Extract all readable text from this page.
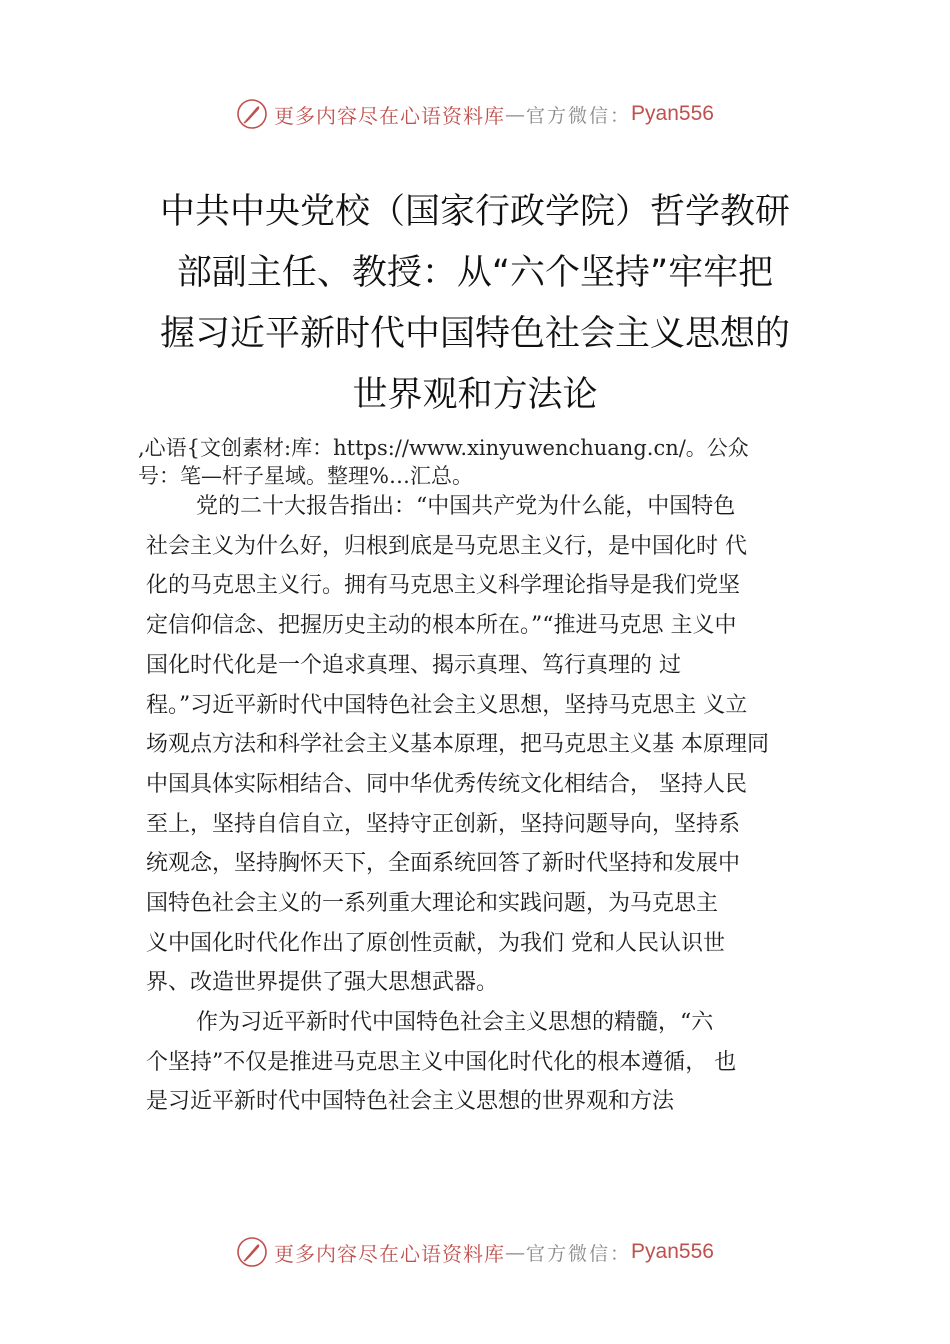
更多内容尽在心语资料库 — 官方微信： Pyan556
中共中央党校（国家行政学院）哲学教研
部副主任、教授：从“六个坚持”牢牢把
握习近平新时代中国特色社会主义思想的
世界观和方法论
,心语{文创素材:库：https://www.xinyuwenchuang.cn/。公众
号：笔—杆子星域。整理%…汇总。
党的二十大报告指出：“中国共产党为什么能，中国特色
社会主义为什么好，归根到底是马克思主义行，是中国化时 代
化的马克思主义行。拥有马克思主义科学理论指导是我们党坚
定信仰信念、把握历史主动的根本所在。”“推进马克思 主义中
国化时代化是一个追求真理、揭示真理、笃行真理的 过
程。”习近平新时代中国特色社会主义思想，坚持马克思主 义立
场观点方法和科学社会主义基本原理，把马克思主义基 本原理同
中国具体实际相结合、同中华优秀传统文化相结合， 坚持人民
至上，坚持自信自立，坚持守正创新，坚持问题导向，坚持系
统观念，坚持胸怀天下，全面系统回答了新时代坚持和发展中
国特色社会主义的一系列重大理论和实践问题，为马克思主
义中国化时代化作出了原创性贡献，为我们 党和人民认识世
界、改造世界提供了强大思想武器。
作为习近平新时代中国特色社会主义思想的精髓，“六
个坚持”不仅是推进马克思主义中国化时代化的根本遵循， 也
是习近平新时代中国特色社会主义思想的世界观和方法
更多内容尽在心语资料库 — 官方微信： Pyan556
